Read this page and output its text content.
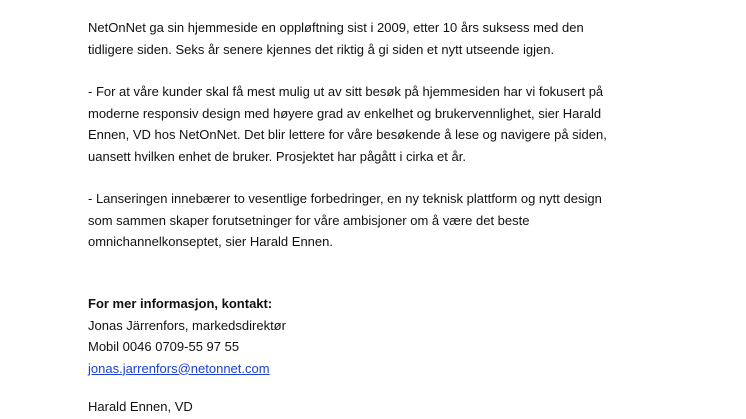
NetOnNet ga sin hjemmeside en oppløftning sist i 2009, etter 10 års suksess med den
tidligere siden. Seks år senere kjennes det riktig å gi siden et nytt utseende igjen.

- For at våre kunder skal få mest mulig ut av sitt besøk på hjemmesiden har vi fokusert på
moderne responsiv design med høyere grad av enkelhet og brukervennlighet, sier Harald
Ennen, VD hos NetOnNet. Det blir lettere for våre besøkende å lese og navigere på siden,
uansett hvilken enhet de bruker. Prosjektet har pågått i cirka et år.

- Lanseringen innebærer to vesentlige forbedringer, en ny teknisk plattform og nytt design
som sammen skaper forutsetninger for våre ambisjoner om å være det beste
omnichannelkonseptet, sier Harald Ennen.

For mer informasjon, kontakt:
Jonas Järrenfors, markedsdirektør
Mobil 0046 0709-55 97 55
jonas.jarrenfors@netonnet.com
Harald Ennen, VD
